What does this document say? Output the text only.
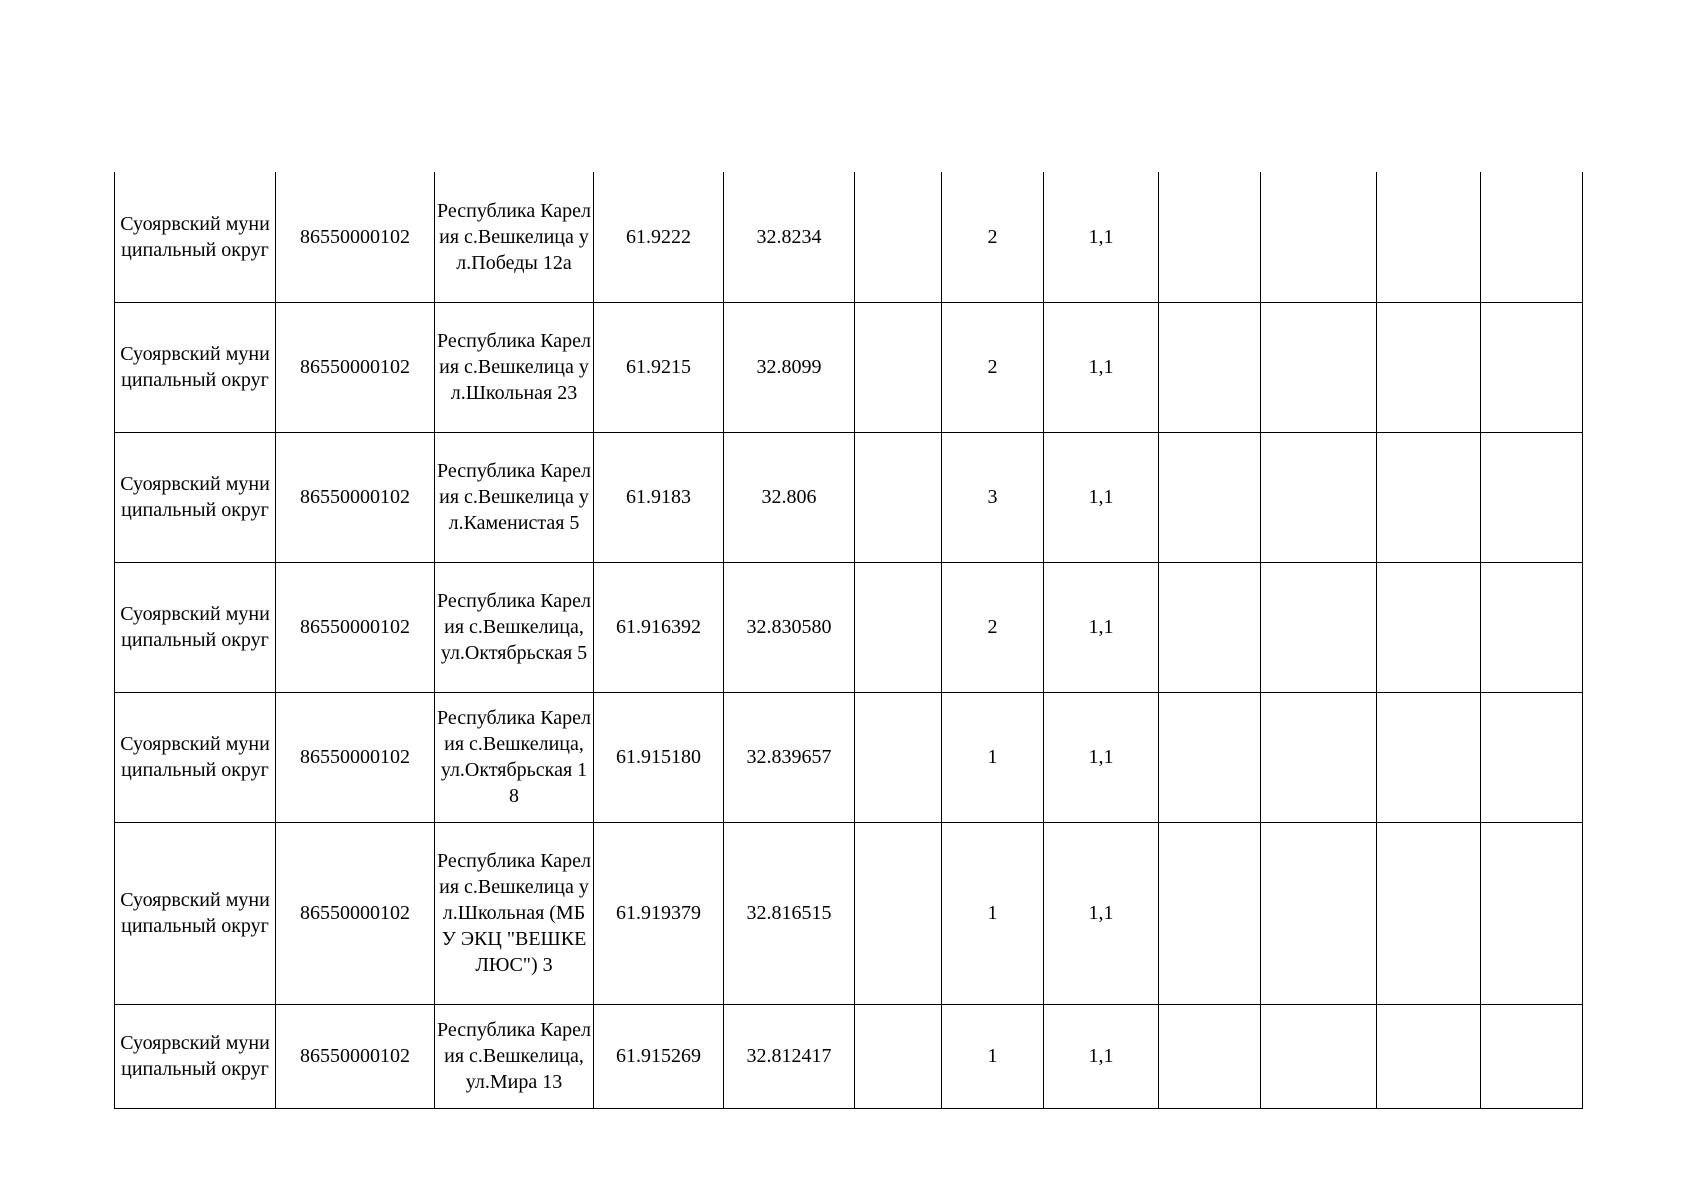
Суоярвский муниципальный округ	86550000102	Республика Карелия с.Вешкелица ул.Победы 12а	61.9222	32.8234		2	1,1				
Суоярвский муниципальный округ	86550000102	Республика Карелия с.Вешкелица ул.Школьная 23	61.9215	32.8099		2	1,1				
Суоярвский муниципальный округ	86550000102	Республика Карелия с.Вешкелица ул.Каменистая 5	61.9183	32.806		3	1,1				
Суоярвский муниципальный округ	86550000102	Республика Карелия с.Вешкелица, ул.Октябрьская 5	61.916392	32.830580		2	1,1				
Суоярвский муниципальный округ	86550000102	Республика Карелия с.Вешкелица, ул.Октябрьская 18	61.915180	32.839657		1	1,1				
Суоярвский муниципальный округ	86550000102	Республика Карелия с.Вешкелица ул.Школьная (МБУ ЭКЦ "ВЕШКЕЛЮС") 3	61.919379	32.816515		1	1,1				
Суоярвский муниципальный округ	86550000102	Республика Карелия с.Вешкелица, ул.Мира 13	61.915269	32.812417		1	1,1				
